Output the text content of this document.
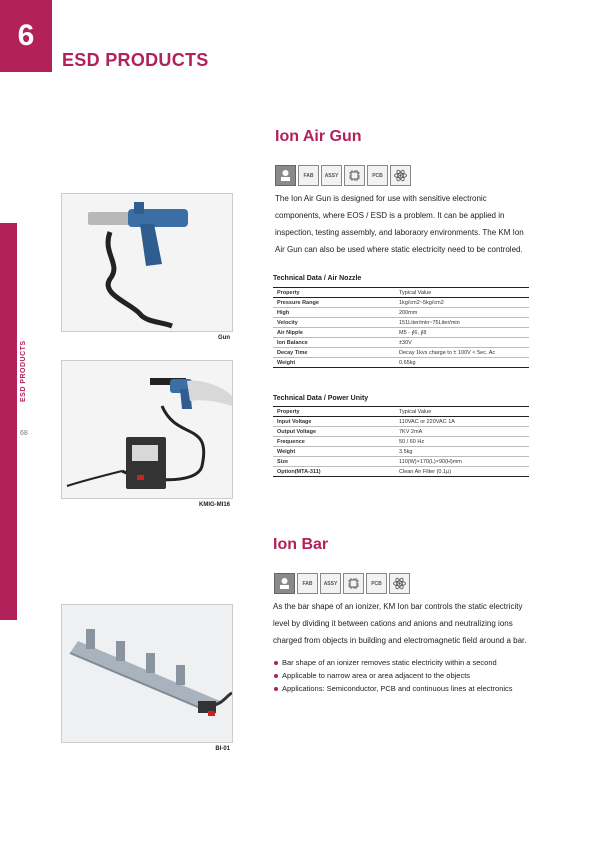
6
ESD PRODUCTS
ESD PRODUCTS
68
Ion Air Gun
FAB	ASSY	PCB
The Ion Air Gun is designed for use with sensitive electronic components, where EOS / ESD is a problem. It can be applied in inspection, testing assembly, and laboraory environments. The KM Ion Air Gun can also be used where static electricity need to be controled.
Gun
KMIG-MI16
Technical Data / Air Nozzle
Property	Typical Value
Pressure Range	1kg/cm2~5kg/cm2
High	200mm
Velocity	151Liter/min~75Liter/min
Air Nipple	M5 · ∮6, ∮8
Ion Balance	±30V
Decay Time	Decay 1kvs charge to ± 100V < 5ec. Ac
Weight	0.65kg
Technical Data / Power Unity
Property	Typical Value
Input Voltage	110VAC or 220VAC 1A
Output Voltage	7KV 2mA
Frequence	50 / 60 Hz
Weight	3.5kg
Size	110(W)×170(L)×90(H)mm
Option(MTA-311)	Clean Air Filter (0.1μ)
Ion Bar
FAB	ASSY	PCB
As the bar shape of an ionizer, KM Ion bar controls the static electricity level by dividing it between cations and anions and neutralizing ions charged from objects in building and electromagnetic field around a bar.
Bar shape of an ionizer removes static electricity within a second
Applicable to narrow area or area adjacent to the objects
Applications: Semiconductor, PCB and continuous lines at electronics
BI-01
